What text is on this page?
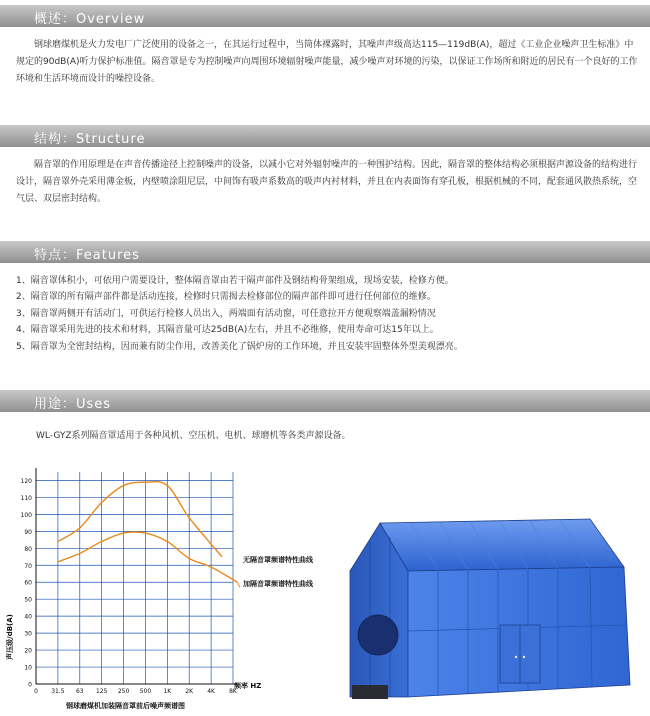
概述：Overview

钢球磨煤机是火力发电厂广泛使用的设备之一，在其运行过程中，当筒体裸露时，其噪声声级高达115—119dB(A)，超过《工业企业噪声卫生标准》中规定的90dB(A)听力保护标准值。隔音罩是专为控制噪声向周围环境辐射噪声能量，减少噪声对环境的污染，以保证工作场所和附近的居民有一个良好的工作环境和生活环境而设计的噪控设备。

结构：Structure

隔音罩的作用原理是在声音传播途径上控制噪声的设备，以减小它对外辐射噪声的一种围护结构。因此，隔音罩的整体结构必须根据声源设备的结构进行设计，隔音罩外壳采用薄金板，内壁喷涂阻尼层，中间饰有吸声系数高的吸声内衬材料，并且在内表面饰有穿孔板，根据机械的不同，配套通风散热系统，空气层、双层密封结构。

特点：Features
1、隔音罩体积小，可依用户需要设计，整体隔音罩由若干隔声部件及钢结构骨架组成，现场安装，检修方便。
2、隔音罩的所有隔声部件都是活动连接，检修时只需揭去检修部位的隔声部件即可进行任何部位的维修。
3、隔音罩两侧开有活动门，可供运行检修人员出入，两端面有活动窗，可任意拉开方便观察端盖漏粉情况
4、隔音罩采用先进的技术和材料，其隔音量可达25dB(A)左右，并且不必维修，使用寿命可达15年以上。
5、隔音罩为全密封结构，因而兼有防尘作用，改善美化了锅炉房的工作环境，并且安装牢固整体外型美观漂亮。
用途：Uses
WL-GYZ系列隔音罩适用于各种风机、空压机、电机、球磨机等各类声源设备。
0
10
20
30
40
50
60
70
80
90
100
110
120
0 31.5 63 125 250 500 1K 2K 4K 8K
声压级/dB(A)
频率 HZ
钢球磨煤机加装隔音罩前后噪声频谱图
无隔音罩频谱特性曲线
加隔音罩频谱特性曲线
